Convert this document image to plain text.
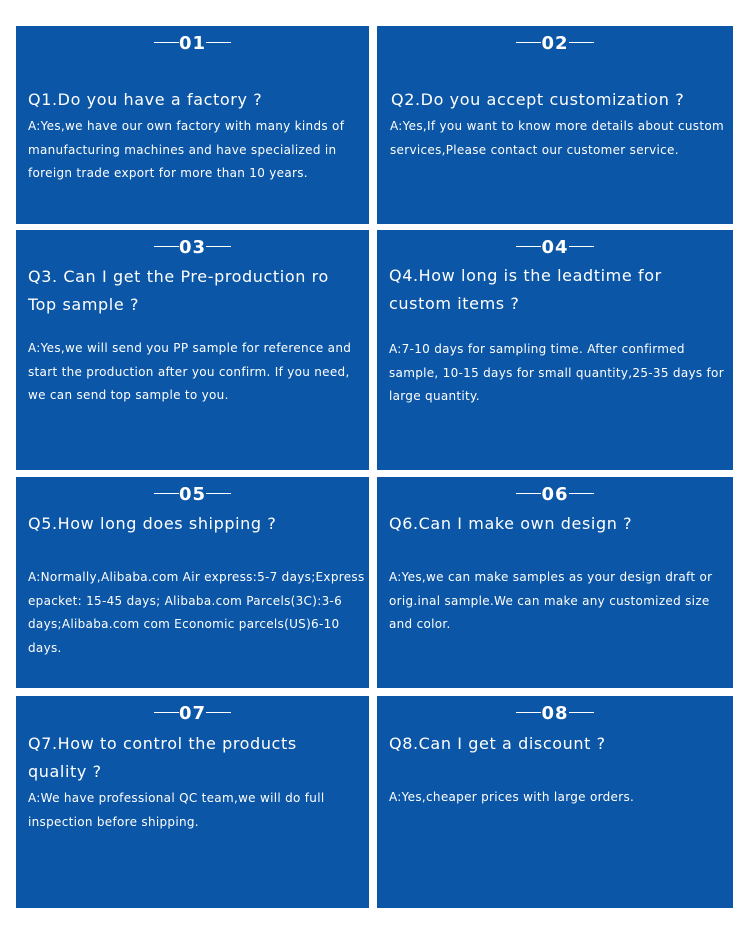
01
Q1.Do you have a factory ?
A:Yes,we have our own factory with many kinds of manufacturing machines and have specialized in foreign trade export for more than 10 years.
02
Q2.Do you accept customization ?
A:Yes,If you want to know more details about custom services,Please contact our customer service.
03
Q3. Can I get the Pre-production ro Top sample ?
A:Yes,we will send you PP sample for reference and start the production after you confirm. If you need, we can send top sample to you.
04
Q4.How long is the leadtime for custom items ?
A:7-10 days for sampling time. After confirmed sample, 10-15 days for small quantity,25-35 days for large quantity.
05
Q5.How long does shipping ?
A:Normally,Alibaba.com Air express:5-7 days;Express epacket: 15-45 days; Alibaba.com Parcels(3C):3-6 days;Alibaba.com com Economic parcels(US)6-10 days.
06
Q6.Can I make own design ?
A:Yes,we can make samples as your design draft or orig.inal sample.We can make any customized size and color.
07
Q7.How to control the products quality ?
A:We have professional QC team,we will do full inspection before shipping.
08
Q8.Can I get a discount ?
A:Yes,cheaper prices with large orders.
